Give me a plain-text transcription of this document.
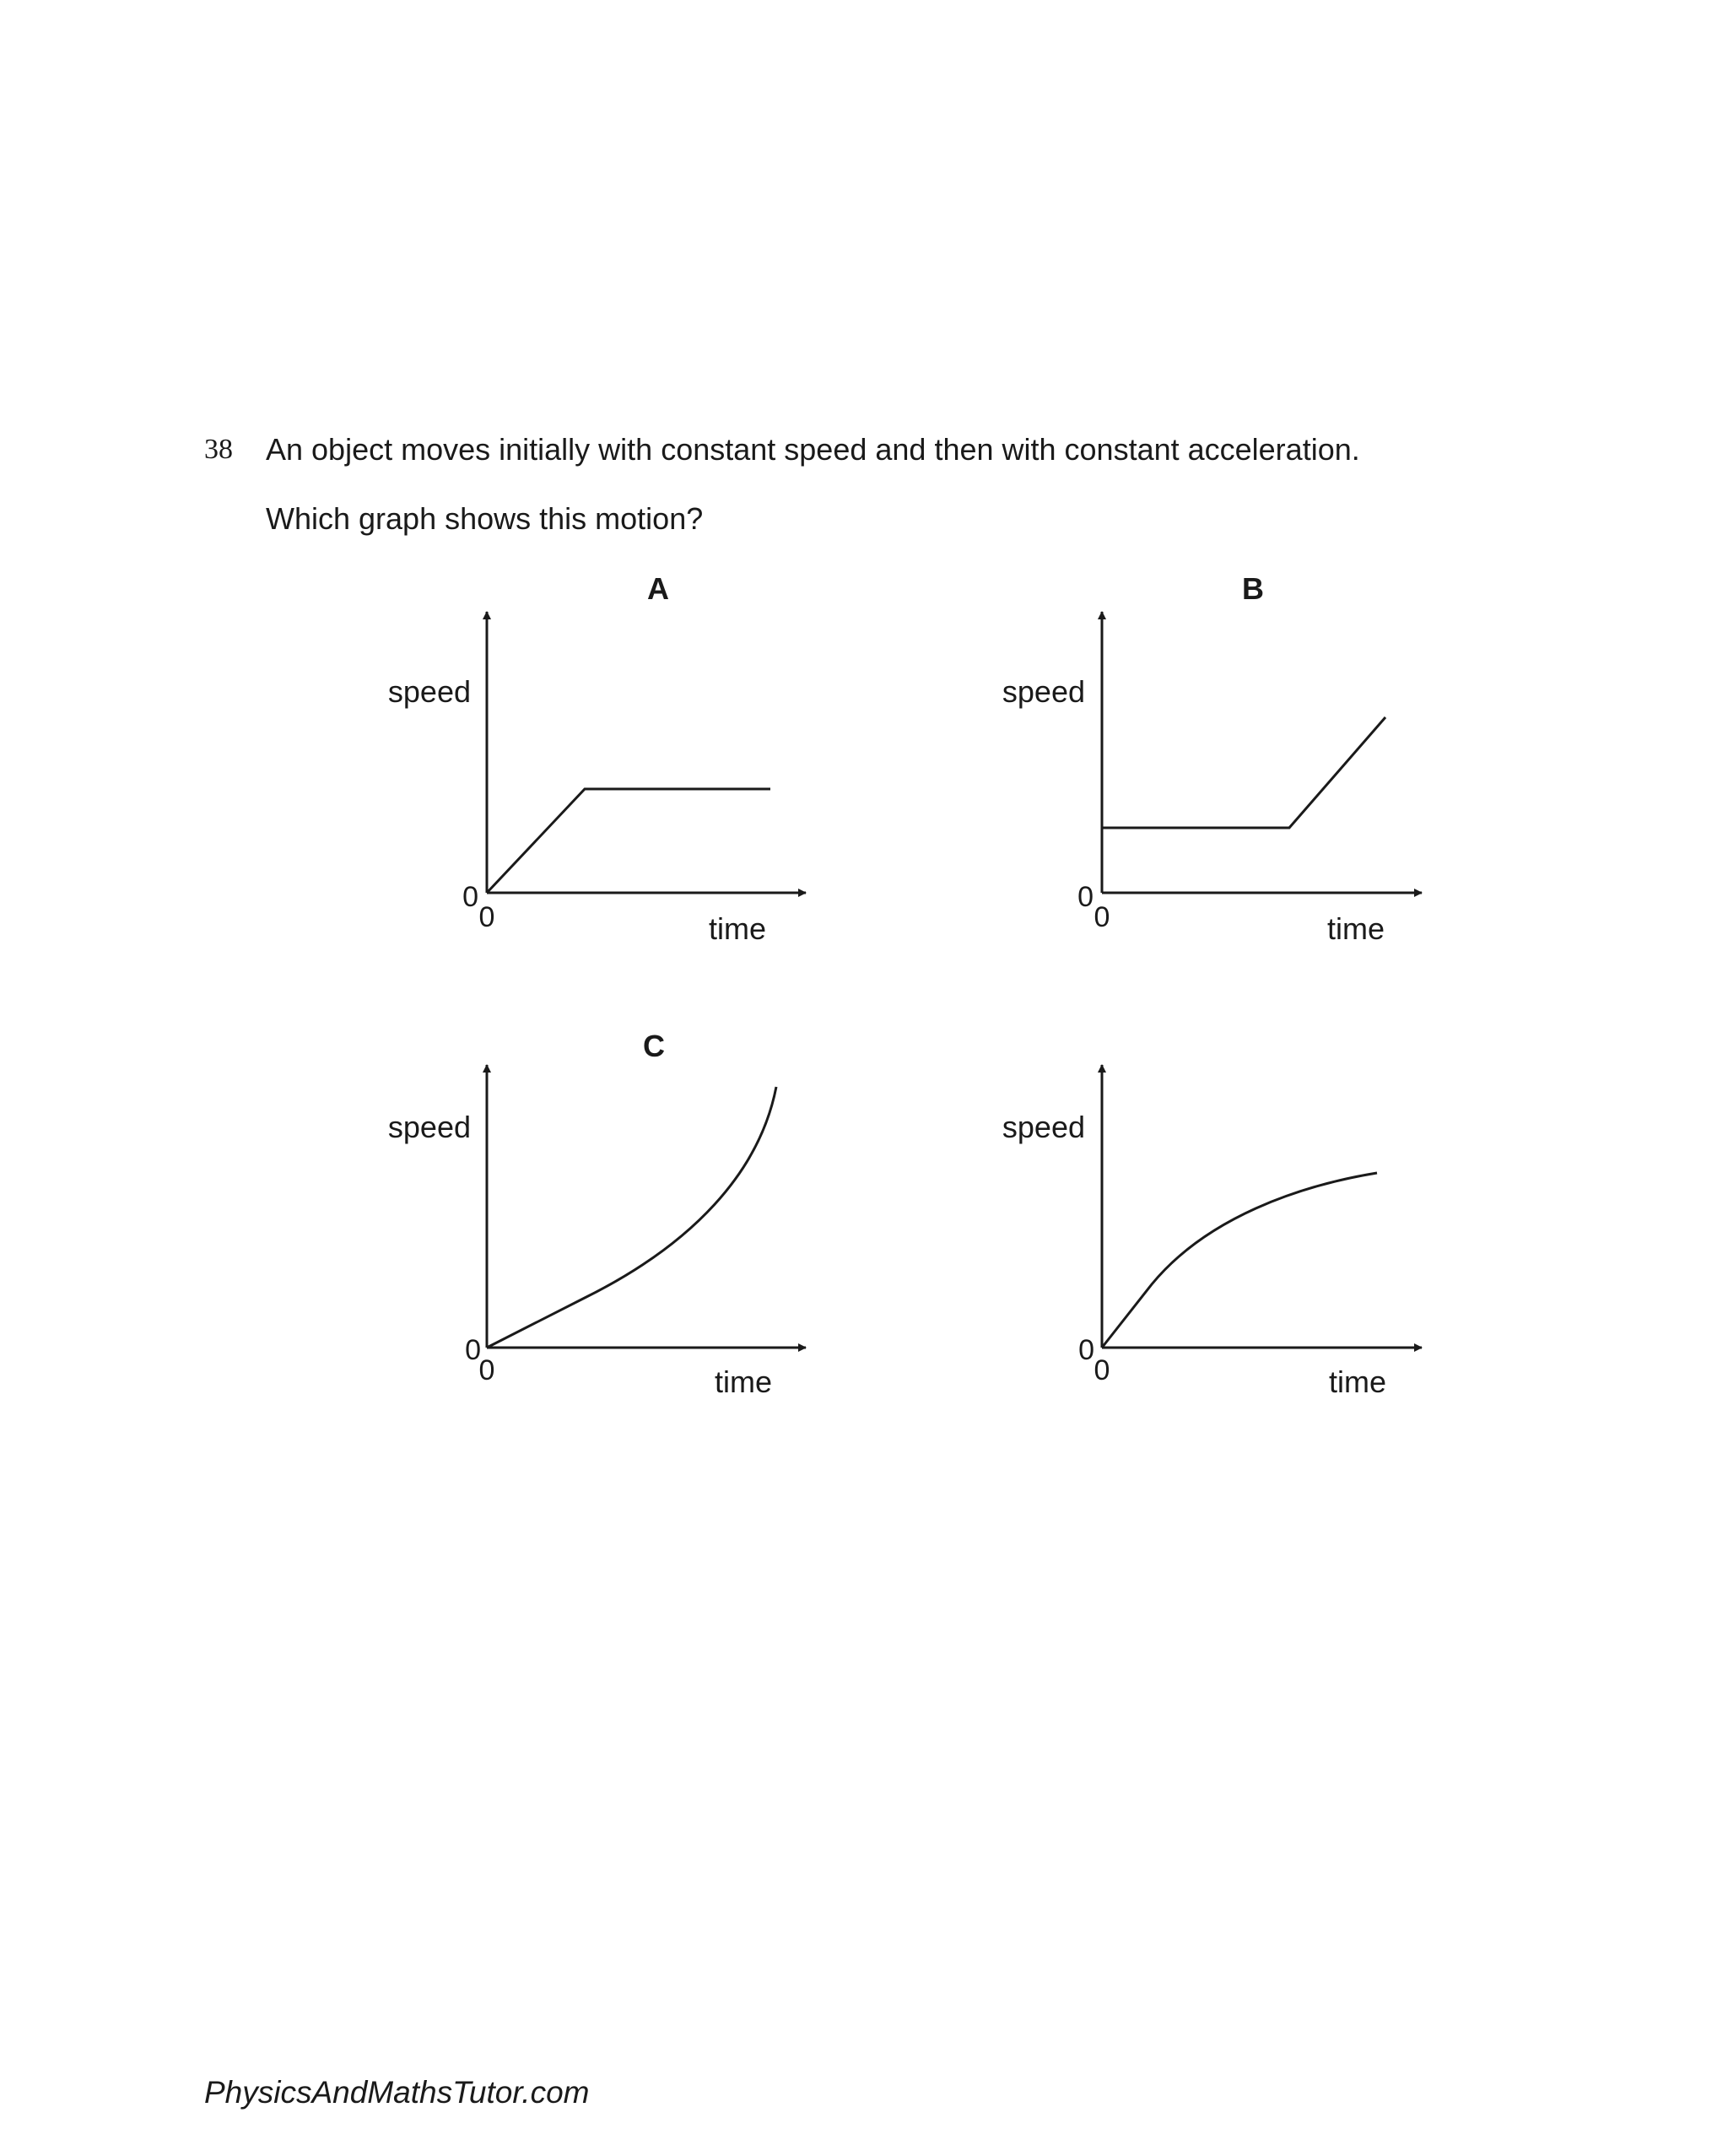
38 An object moves initially with constant speed and then with constant acceleration.
Which graph shows this motion?
A
speed
time
0
0
B
speed
time
0
0
C
speed
time
0
0
speed
time
0
0
PhysicsAndMathsTutor.com
